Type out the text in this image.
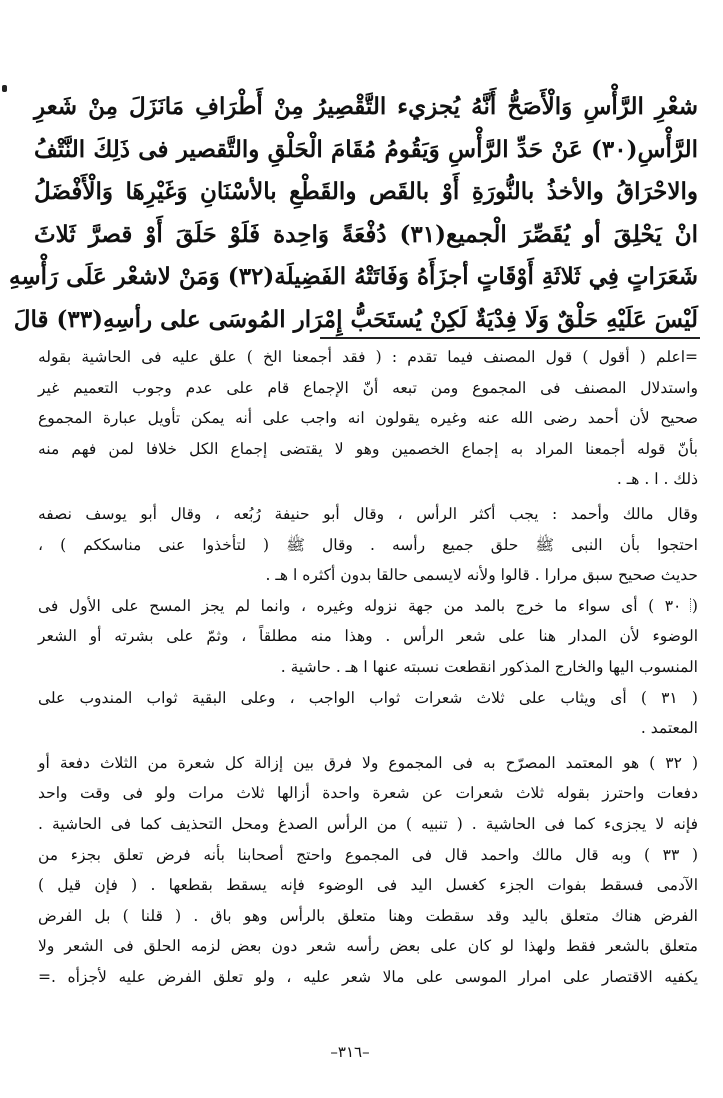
شعْرِ الرَّأْسِ وَالْأَصَحُّ أَنَّهُ يُجزيء التَّقْصِيرُ مِنْ أَطْرَافِ مَانَزَلَ مِنْ شَعرِ
الرَّأْسِ(٣٠) عَنْ حَدِّ الرَّأْسِ وَيَقُومُ مُقَامَ الْحَلْقِ والتَّقصير فى ذَلِكَ النَّتْفُ
والاحْرَاقُ والأخذُ بالنُّورَةِ أَوْ بالقَص والقَطْعِ بالأسْنَانِ وَغَيْرِهَا وَالْأَفْضَلُ
انْ يَحْلِقَ أو يُقَصِّرَ الْجميع(٣١) دُفْعَةً وَاحِدة فَلَوْ حَلَقَ أَوْ قصرَّ ثَلاثَ
شَعَرَاتٍ فِي ثَلاثَةِ أَوْقَاتٍ أجزَأَهُ وَفَاتَتْهُ الفَضِيلَة(٣٢) وَمَنْ لاشعْر عَلَى رَأْسِهِ
لَيْسَ عَلَيْهِ حَلْقٌ وَلَا فِدْيَةٌ لَكِنْ يُستَحَبُّ إِمْرَار المُوسَى على رأسِهِ(٣٣) قالَ
=اعلم ( أقول ) قول المصنف فيما تقدم : ( فقد أجمعنا الخ ) علق عليه فى الحاشية بقوله
واستدلال المصنف فى المجموع ومن تبعه أنّ الإجماع قام على عدم وجوب التعميم غير
صحيح لأن أحمد رضى الله عنه وغيره يقولون انه واجب على أنه يمكن تأويل عبارة المجموع
بأنّ قوله أجمعنا المراد به إجماع الخصمين وهو لا يقتضى إجماع الكل خلافا لمن فهم منه
ذلك . ا . هـ .
وقال مالك وأحمد : يجب أكثر الرأس ، وقال أبو حنيفة رُبُعه ، وقال أبو يوسف نصفه
احتجوا بأن النبى ﷺ حلق جميع رأسه . وقال ﷺ ( لتأخذوا عنى مناسككم ) ،
حديث صحيح سبق مرارا . قالوا ولأنه لايسمى حالقا بدون أكثره ا هـ .
( ٣٠ ) أى سواء ما خرج بالمد من جهة نزوله وغيره ، وانما لم يجز المسح على الأول فى
الوضوء لأن المدار هنا على شعر الرأس . وهذا منه مطلقاً ، وثمّ على بشرته أو الشعر
المنسوب اليها والخارج المذكور انقطعت نسبته عنها ا هـ . حاشية .
( ٣١ ) أى ويثاب على ثلاث شعرات ثواب الواجب ، وعلى البقية ثواب المندوب على
المعتمد .
( ٣٢ ) هو المعتمد المصرّح به فى المجموع ولا فرق بين إزالة كل شعرة من الثلاث دفعة أو
دفعات واحترز بقوله ثلاث شعرات عن شعرة واحدة أزالها ثلاث مرات ولو فى وقت واحد
فإنه لا يجزىء كما فى الحاشية . ( تنبيه ) من الرأس الصدغ ومحل التحذيف كما فى الحاشية .
( ٣٣ ) وبه قال مالك واحمد قال فى المجموع واحتج أصحابنا بأنه فرض تعلق بجزء من
الآدمى فسقط بفوات الجزء كغسل اليد فى الوضوء فإنه يسقط بقطعها . ( فإن قيل )
الفرض هناك متعلق باليد وقد سقطت وهنا متعلق بالرأس وهو باق . ( قلنا ) بل الفرض
متعلق بالشعر فقط ولهذا لو كان على بعض رأسه شعر دون بعض لزمه الحلق فى الشعر ولا
يكفيه الاقتصار على امرار الموسى على مالا شعر عليه ، ولو تعلق الفرض عليه لأجزأه .=
–٣١٦–
